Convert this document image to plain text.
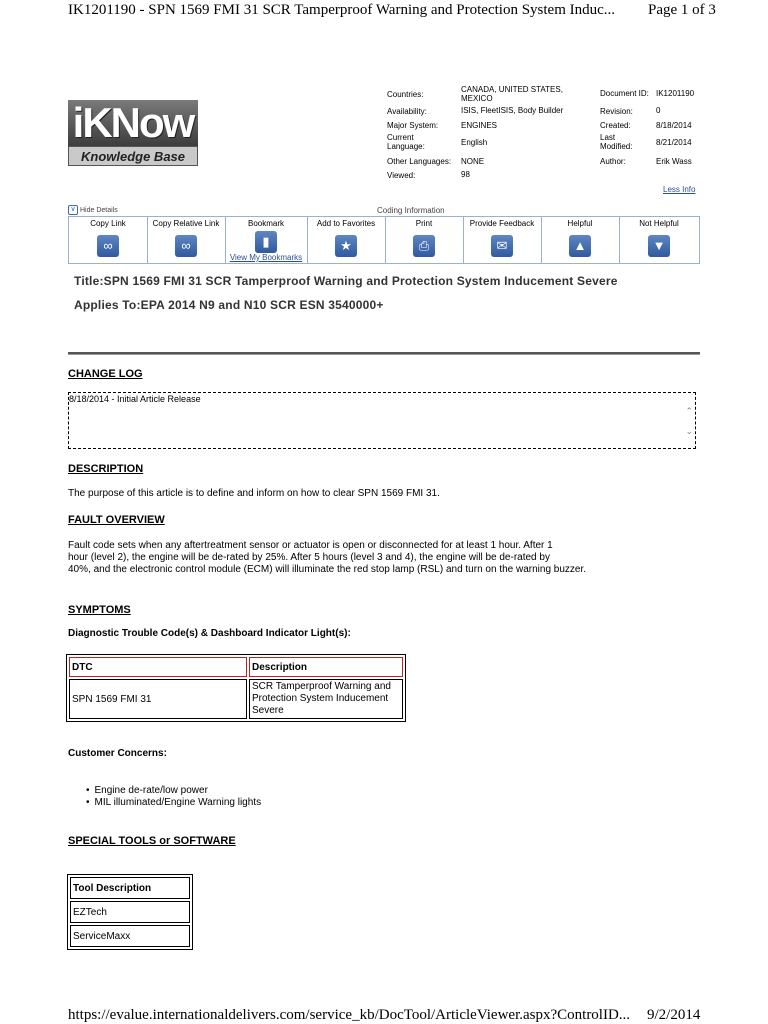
IK1201190 - SPN 1569 FMI 31 SCR Tamperproof Warning and Protection System Induc... Page 1 of 3
iKNow
Knowledge Base
Countries:
CANADA, UNITED STATES, MEXICO
Availability:	ISIS, FleetISIS, Body Builder
Major System:	ENGINES
Current Language:	English
Other Languages: NONE
Viewed:	98
Document ID: IK1201190
Revision:	0
Created:	8/18/2014
Last Modified:	8/21/2014
Author:	Erik Wass
Less Info
∨ Hide Details	Coding Information
Copy Link
∞
Copy Relative Link
∞
Bookmark
▮
View My Bookmarks
Add to Favorites
★
Print
⎙
Provide Feedback
✉
Helpful
▲
Not Helpful
▼
Title:SPN 1569 FMI 31 SCR Tamperproof Warning and Protection System Inducement Severe
Applies To:EPA 2014 N9 and N10 SCR ESN 3540000+
CHANGE LOG
8/18/2014 - Initial Article Release
⌃
⌄
DESCRIPTION
The purpose of this article is to define and inform on how to clear SPN 1569 FMI 31.
FAULT OVERVIEW
Fault code sets when any aftertreatment sensor or actuator is open or disconnected for at least 1 hour. After 1
hour (level 2), the engine will be de-rated by 25%. After 5 hours (level 3 and 4), the engine will be de-rated by
40%, and the electronic control module (ECM) will illuminate the red stop lamp (RSL) and turn on the warning buzzer.
SYMPTOMS
Diagnostic Trouble Code(s) & Dashboard Indicator Light(s):
DTC	Description
SPN 1569 FMI 31	SCR Tamperproof Warning and Protection System Inducement Severe
Customer Concerns:
• Engine de-rate/low power
• MIL illuminated/Engine Warning lights
SPECIAL TOOLS or SOFTWARE
Tool Description
EZTech
ServiceMaxx
https://evalue.internationaldelivers.com/service_kb/DocTool/ArticleViewer.aspx?ControlID... 9/2/2014
